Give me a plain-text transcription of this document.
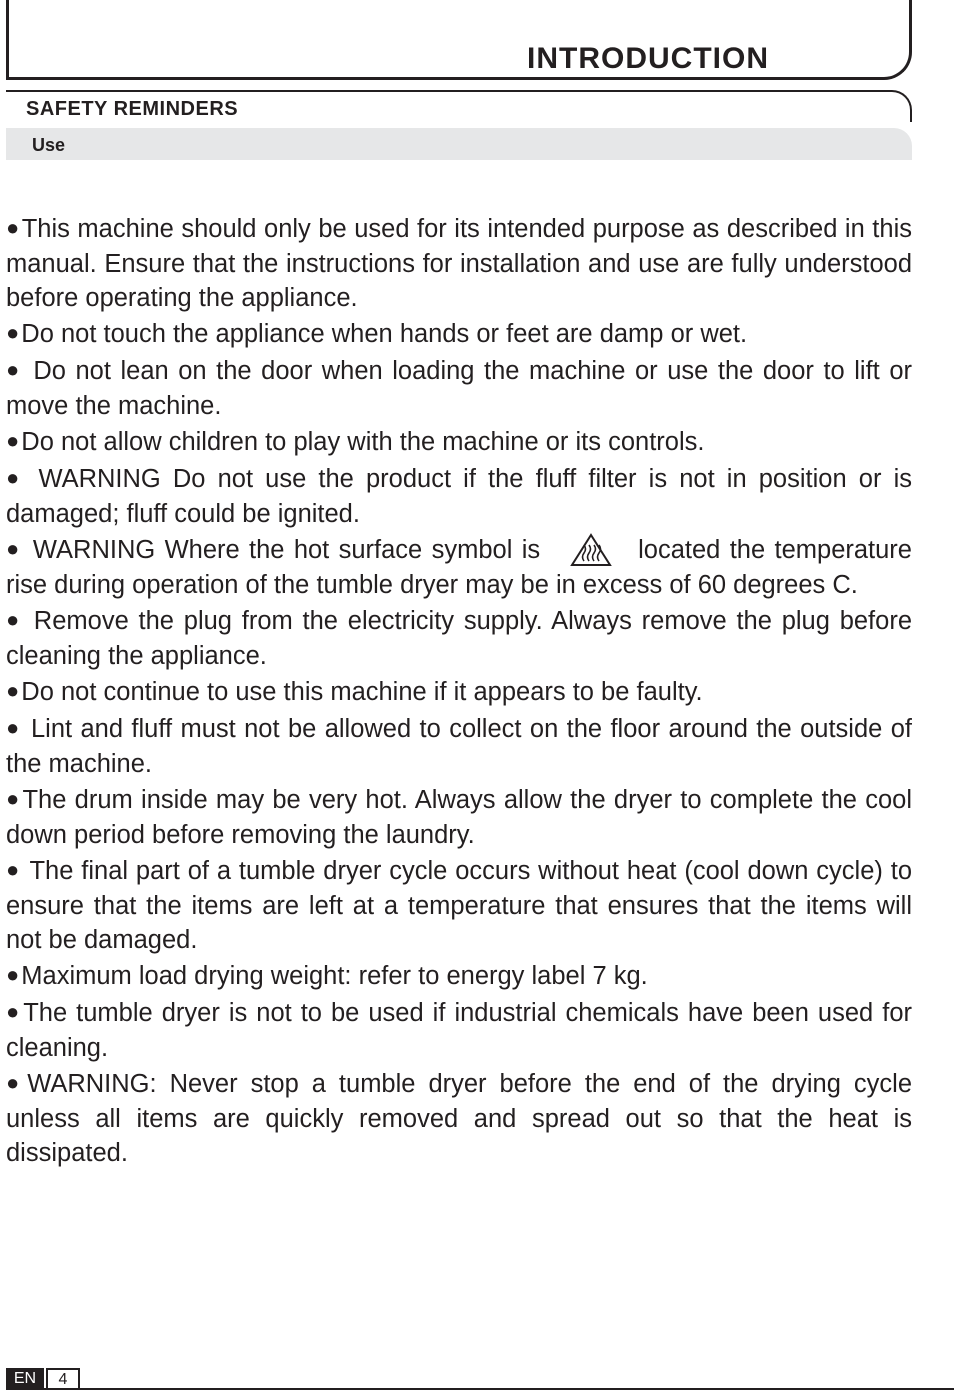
INTRODUCTION
SAFETY REMINDERS
Use

●This machine should only be used for its intended purpose as described in this manual. Ensure that the instructions for installation and use are fully understood before operating the appliance.

●Do not touch the appliance when hands or feet are damp or wet.

● Do not lean on the door when loading the machine or use the door to lift or move the machine.

●Do not allow children to play with the machine or its controls.

● WARNING Do not use the product if the fluff filter is not in position or is damaged; fluff could be ignited.

● WARNING Where the hot surface symbol is	located the temperature rise during operation of the tumble dryer may be in excess of 60 degrees C.

● Remove the plug from the electricity supply. Always remove the plug before cleaning the appliance.

●Do not continue to use this machine if it appears to be faulty.

● Lint and fluff must not be allowed to collect on the floor around the outside of the machine.

●The drum inside may be very hot. Always allow the dryer to complete the cool down period before removing the laundry.

● The final part of a tumble dryer cycle occurs without heat (cool down cycle) to ensure that the items are left at a temperature that ensures that the items will not be damaged.

●Maximum load drying weight: refer to energy label 7 kg.

●The tumble dryer is not to be used if industrial chemicals have been used for cleaning.

●WARNING: Never stop a tumble dryer before the end of the drying cycle unless all items are quickly removed and spread out so that the heat is dissipated.

EN	4
